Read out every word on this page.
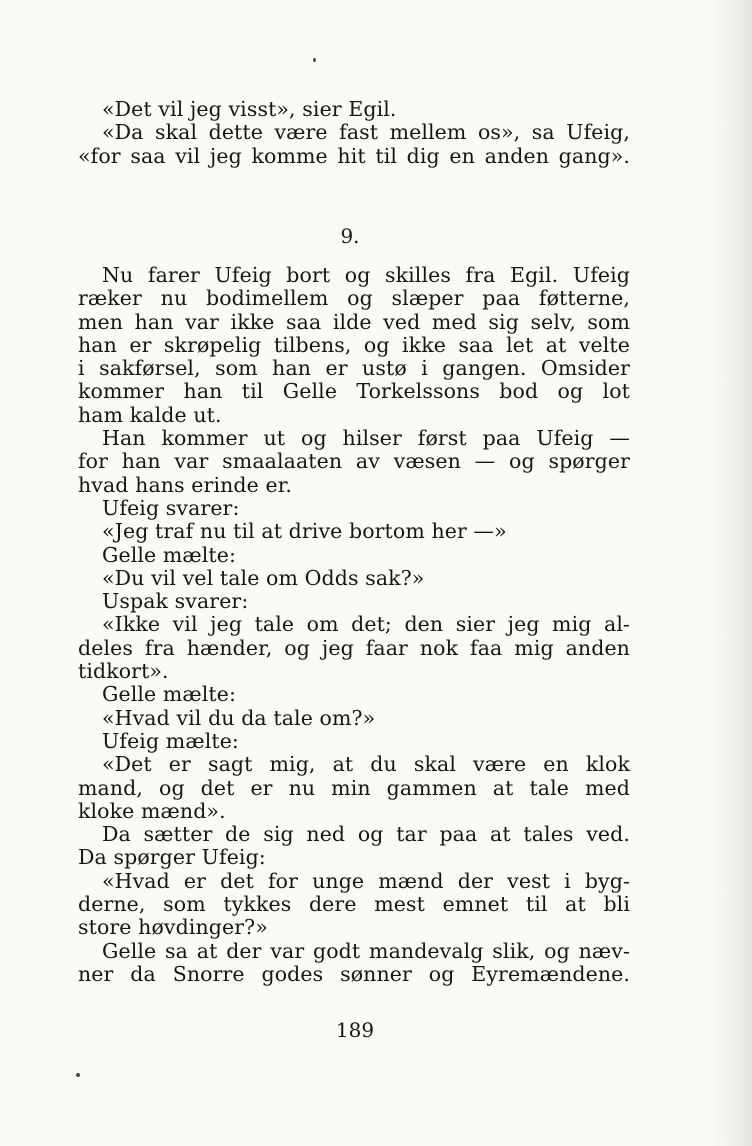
«Det vil jeg visst», sier Egil.
«Da skal dette være fast mellem os», sa Ufeig,
«for saa vil jeg komme hit til dig en anden gang».
9.
Nu farer Ufeig bort og skilles fra Egil. Ufeig
ræker nu bodimellem og slæper paa føtterne,
men han var ikke saa ilde ved med sig selv, som
han er skrøpelig tilbens, og ikke saa let at velte
i sakførsel, som han er ustø i gangen. Omsider
kommer han til Gelle Torkelssons bod og lot
ham kalde ut.
Han kommer ut og hilser først paa Ufeig —
for han var smaalaaten av væsen — og spørger
hvad hans erinde er.
Ufeig svarer:
«Jeg traf nu til at drive bortom her —»
Gelle mælte:
«Du vil vel tale om Odds sak?»
Uspak svarer:
«Ikke vil jeg tale om det; den sier jeg mig al-
deles fra hænder, og jeg faar nok faa mig anden
tidkort».
Gelle mælte:
«Hvad vil du da tale om?»
Ufeig mælte:
«Det er sagt mig, at du skal være en klok
mand, og det er nu min gammen at tale med
kloke mænd».
Da sætter de sig ned og tar paa at tales ved.
Da spørger Ufeig:
«Hvad er det for unge mænd der vest i byg-
derne, som tykkes dere mest emnet til at bli
store høvdinger?»
Gelle sa at der var godt mandevalg slik, og næv-
ner da Snorre godes sønner og Eyremændene.
189
